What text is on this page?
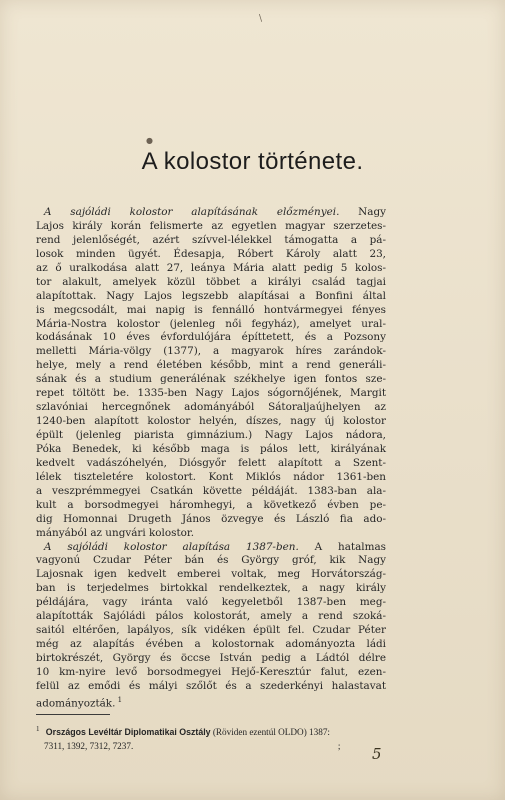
\
●
A kolostor története.
A sajóládi kolostor alapításának előzményei. Nagy
Lajos király korán felismerte az egyetlen magyar szerzetes-
rend jelenlőségét, azért szívvel-lélekkel támogatta a pá-
losok minden ügyét. Édesapja, Róbert Károly alatt 23,
az ő uralkodása alatt 27, leánya Mária alatt pedig 5 kolos-
tor alakult, amelyek közül többet a királyi család tagjai
alapítottak. Nagy Lajos legszebb alapításai a Bonfini által
is megcsodált, mai napig is fennálló hontvármegyei fényes
Mária-Nostra kolostor (jelenleg női fegyház), amelyet ural-
kodásának 10 éves évfordulójára építtetett, és a Pozsony
melletti Mária-völgy (1377), a magyarok híres zarándok-
helye, mely a rend életében később, mint a rend generáli-
sának és a studium generálénak székhelye igen fontos sze-
repet töltött be. 1335-ben Nagy Lajos sógornőjének, Margit
szlavóniai hercegnőnek adományából Sátoraljaújhelyen az
1240-ben alapított kolostor helyén, díszes, nagy új kolostor
épült (jelenleg piarista gimnázium.) Nagy Lajos nádora,
Póka Benedek, ki később maga is pálos lett, királyának
kedvelt vadászóhelyén, Diósgyőr felett alapított a Szent-
lélek tiszteletére kolostort. Kont Miklós nádor 1361-ben
a veszprémmegyei Csatkán követte példáját. 1383-ban ala-
kult a borsodmegyei háromhegyi, a következő évben pe-
dig Homonnai Drugeth János özvegye és László fia ado-
mányából az ungvári kolostor.
A sajóládi kolostor alapítása 1387-ben. A hatalmas
vagyonú Czudar Péter bán és György gróf, kik Nagy
Lajosnak igen kedvelt emberei voltak, meg Horvátország-
ban is terjedelmes birtokkal rendelkeztek, a nagy király
példájára, vagy iránta való kegyeletből 1387-ben meg-
alapították Sajóládi pálos kolostorát, amely a rend szoká-
saitól eltérően, lapályos, sík vidéken épült fel. Czudar Péter
még az alapítás évében a kolostornak adományozta ládi
birtokrészét, György és öccse István pedig a Ládtól délre
10 km-nyire levő borsodmegyei Hejő-Keresztúr falut, ezen-
felül az emődi és mályi szőlőt és a szederkényi halastavat
adományozták. $^1$
$^1$ Országos Levéltár Diplomatikai Osztály (Röviden ezentúl OLDO) 1387:
7311, 1392, 7312, 7237.	;	5
